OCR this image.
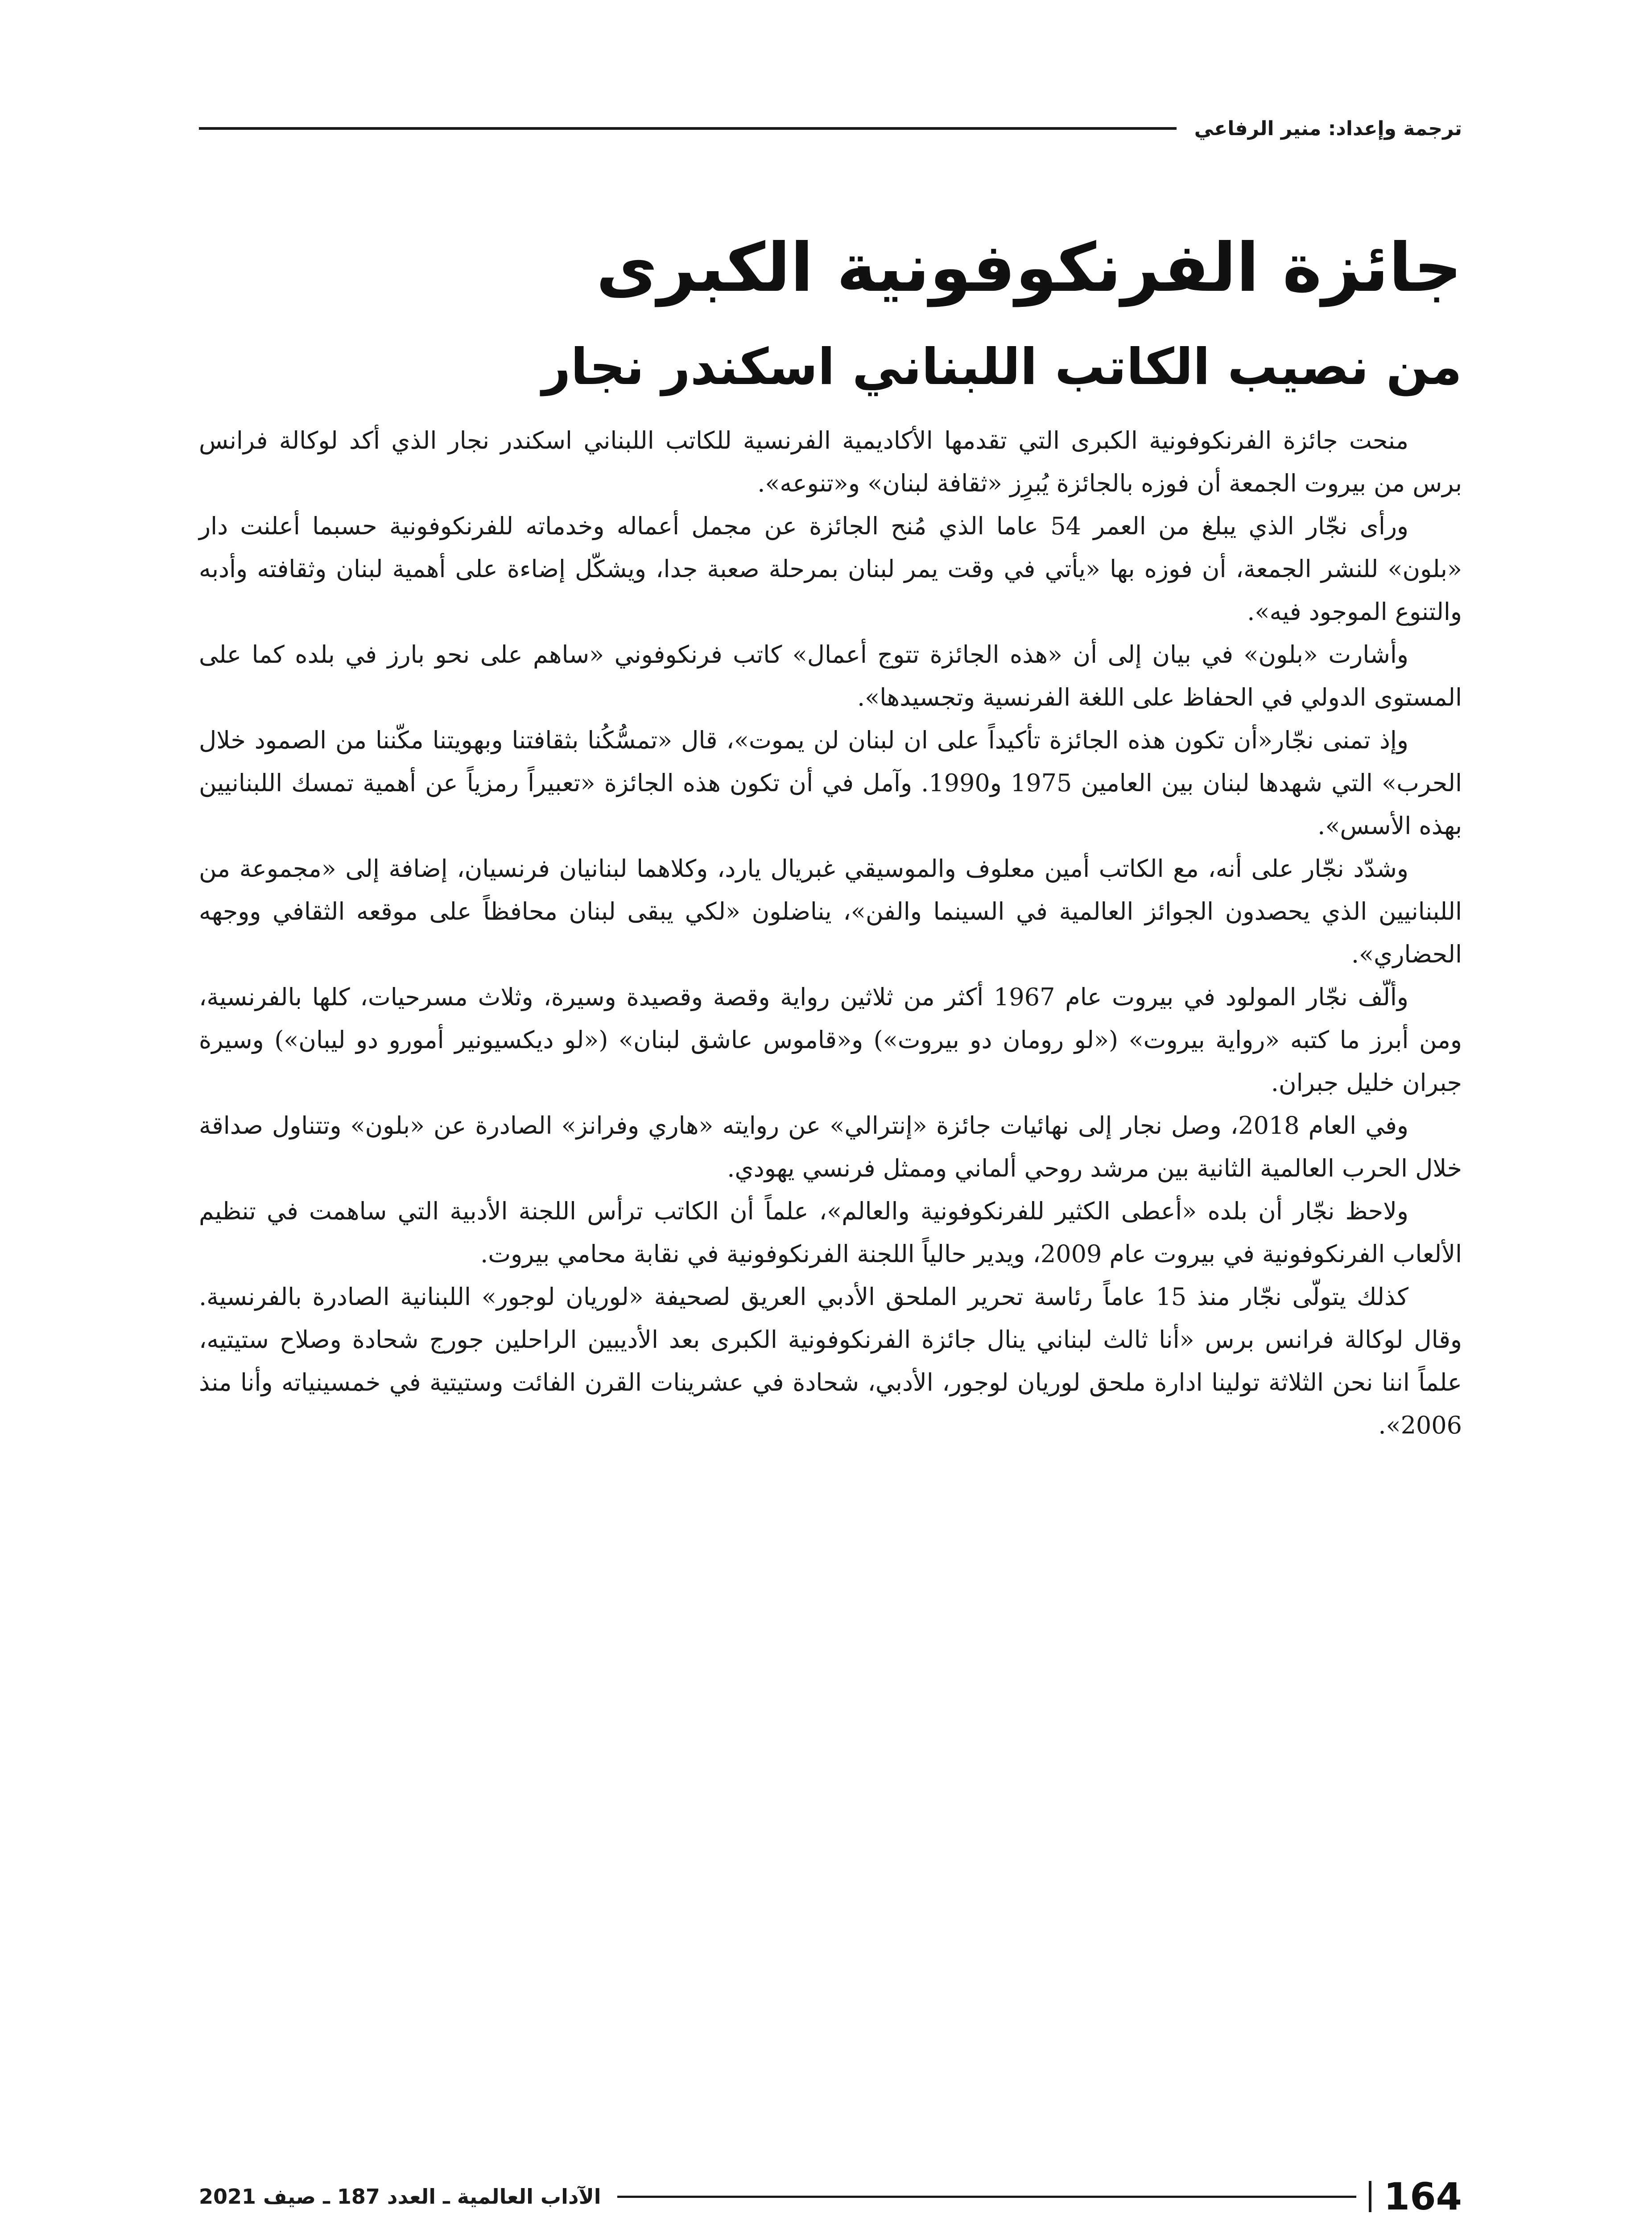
ترجمة وإعداد: منير الرفاعي
جائزة الفرنكوفونية الكبرى
من نصيب الكاتب اللبناني اسكندر نجار

منحت جائزة الفرنكوفونية الكبرى التي تقدمها الأكاديمية الفرنسية للكاتب اللبناني اسكندر نجار الذي أكد لوكالة فرانس برس من بيروت الجمعة أن فوزه بالجائزة يُبرِز «ثقافة لبنان» و«تنوعه».

ورأى نجّار الذي يبلغ من العمر 54 عاما الذي مُنح الجائزة عن مجمل أعماله وخدماته للفرنكوفونية حسبما أعلنت دار «بلون» للنشر الجمعة، أن فوزه بها «يأتي في وقت يمر لبنان بمرحلة صعبة جدا، ويشكّل إضاءة على أهمية لبنان وثقافته وأدبه والتنوع الموجود فيه».

وأشارت «بلون» في بيان إلى أن «هذه الجائزة تتوج أعمال» كاتب فرنكوفوني «ساهم على نحو بارز في بلده كما على المستوى الدولي في الحفاظ على اللغة الفرنسية وتجسيدها».

وإذ تمنى نجّار«أن تكون هذه الجائزة تأكيداً على ان لبنان لن يموت»، قال «تمسُّكُنا بثقافتنا وبهويتنا مكّننا من الصمود خلال الحرب» التي شهدها لبنان بين العامين 1975 و1990. وآمل في أن تكون هذه الجائزة «تعبيراً رمزياً عن أهمية تمسك اللبنانيين بهذه الأسس».

وشدّد نجّار على أنه، مع الكاتب أمين معلوف والموسيقي غبريال يارد، وكلاهما لبنانيان فرنسيان، إضافة إلى «مجموعة من اللبنانيين الذي يحصدون الجوائز العالمية في السينما والفن»، يناضلون «لكي يبقى لبنان محافظاً على موقعه الثقافي ووجهه الحضاري».

وألّف نجّار المولود في بيروت عام 1967 أكثر من ثلاثين رواية وقصة وقصيدة وسيرة، وثلاث مسرحيات، كلها بالفرنسية، ومن أبرز ما كتبه «رواية بيروت» («لو رومان دو بيروت») و«قاموس عاشق لبنان» («لو ديكسيونير أمورو دو ليبان») وسيرة جبران خليل جبران.

وفي العام 2018، وصل نجار إلى نهائيات جائزة «إنترالي» عن روايته «هاري وفرانز» الصادرة عن «بلون» وتتناول صداقة خلال الحرب العالمية الثانية بين مرشد روحي ألماني وممثل فرنسي يهودي.

ولاحظ نجّار أن بلده «أعطى الكثير للفرنكوفونية والعالم»، علماً أن الكاتب ترأس اللجنة الأدبية التي ساهمت في تنظيم الألعاب الفرنكوفونية في بيروت عام 2009، ويدير حالياً اللجنة الفرنكوفونية في نقابة محامي بيروت.

كذلك يتولّى نجّار منذ 15 عاماً رئاسة تحرير الملحق الأدبي العريق لصحيفة «لوريان لوجور» اللبنانية الصادرة بالفرنسية. وقال لوكالة فرانس برس «أنا ثالث لبناني ينال جائزة الفرنكوفونية الكبرى بعد الأديبين الراحلين جورج شحادة وصلاح ستيتيه، علماً اننا نحن الثلاثة تولينا ادارة ملحق لوريان لوجور، الأدبي، شحادة في عشرينات القرن الفائت وستيتية في خمسينياته وأنا منذ 2006».

164
الآداب العالمية ـ العدد 187 ـ صيف 2021
